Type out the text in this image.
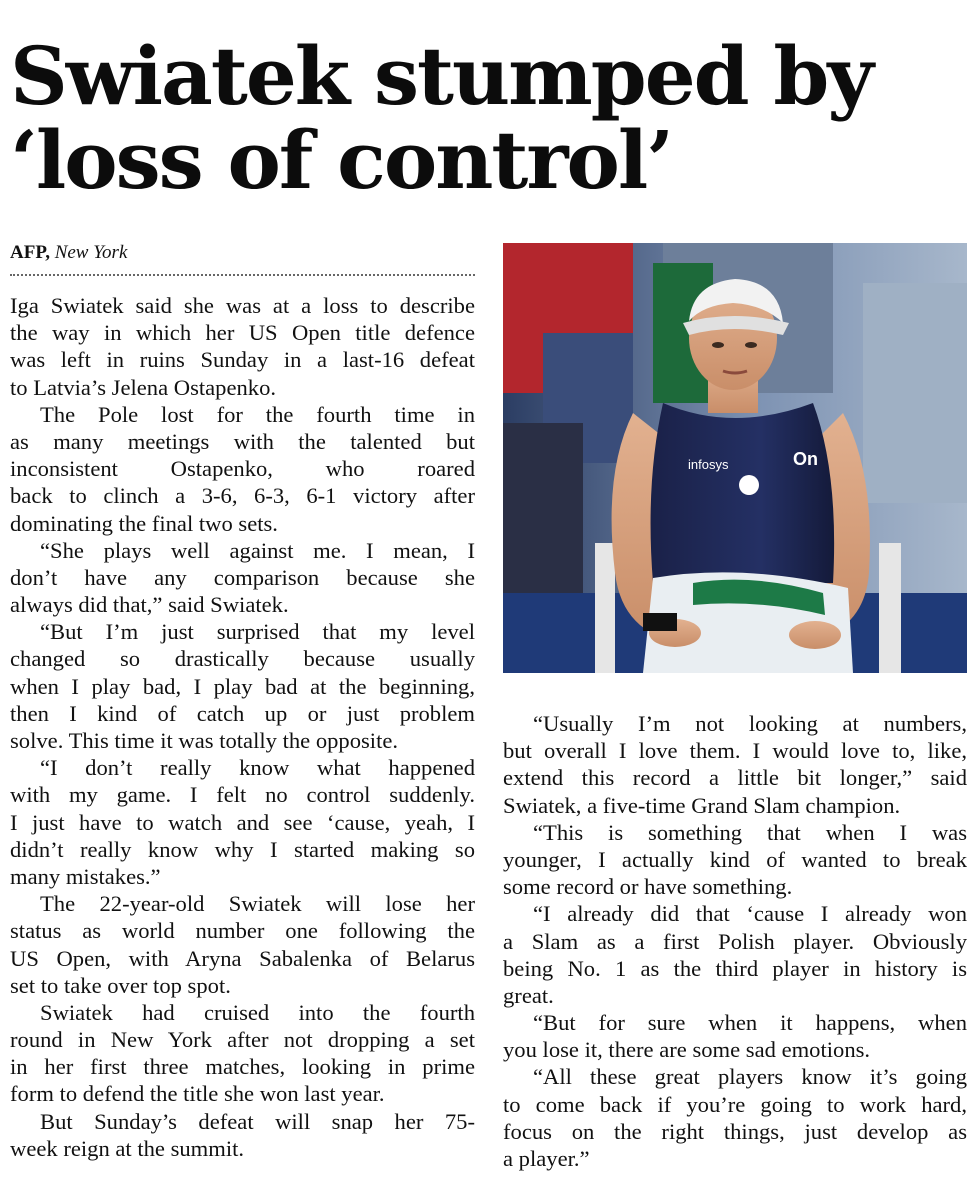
Swiatek stumped by
‘loss of control’
AFP, New York
Iga Swiatek said she was at a loss to describe
the way in which her US Open title defence
was left in ruins Sunday in a last-16 defeat
to Latvia’s Jelena Ostapenko.
The Pole lost for the fourth time in
as many meetings with the talented but
inconsistent Ostapenko, who roared
back to clinch a 3-6, 6-3, 6-1 victory after
dominating the final two sets.
“She plays well against me. I mean, I
don’t have any comparison because she
always did that,” said Swiatek.
“But I’m just surprised that my level
changed so drastically because usually
when I play bad, I play bad at the beginning,
then I kind of catch up or just problem
solve. This time it was totally the opposite.
“I don’t really know what happened
with my game. I felt no control suddenly.
I just have to watch and see ‘cause, yeah, I
didn’t really know why I started making so
many mistakes.”
The 22-year-old Swiatek will lose her
status as world number one following the
US Open, with Aryna Sabalenka of Belarus
set to take over top spot.
Swiatek had cruised into the fourth
round in New York after not dropping a set
in her first three matches, looking in prime
form to defend the title she won last year.
But Sunday’s defeat will snap her 75-
week reign at the summit.
infosys	On
“Usually I’m not looking at numbers,
but overall I love them. I would love to, like,
extend this record a little bit longer,” said
Swiatek, a five-time Grand Slam champion.
“This is something that when I was
younger, I actually kind of wanted to break
some record or have something.
“I already did that ‘cause I already won
a Slam as a first Polish player. Obviously
being No. 1 as the third player in history is
great.
“But for sure when it happens, when
you lose it, there are some sad emotions.
“All these great players know it’s going
to come back if you’re going to work hard,
focus on the right things, just develop as
a player.”
